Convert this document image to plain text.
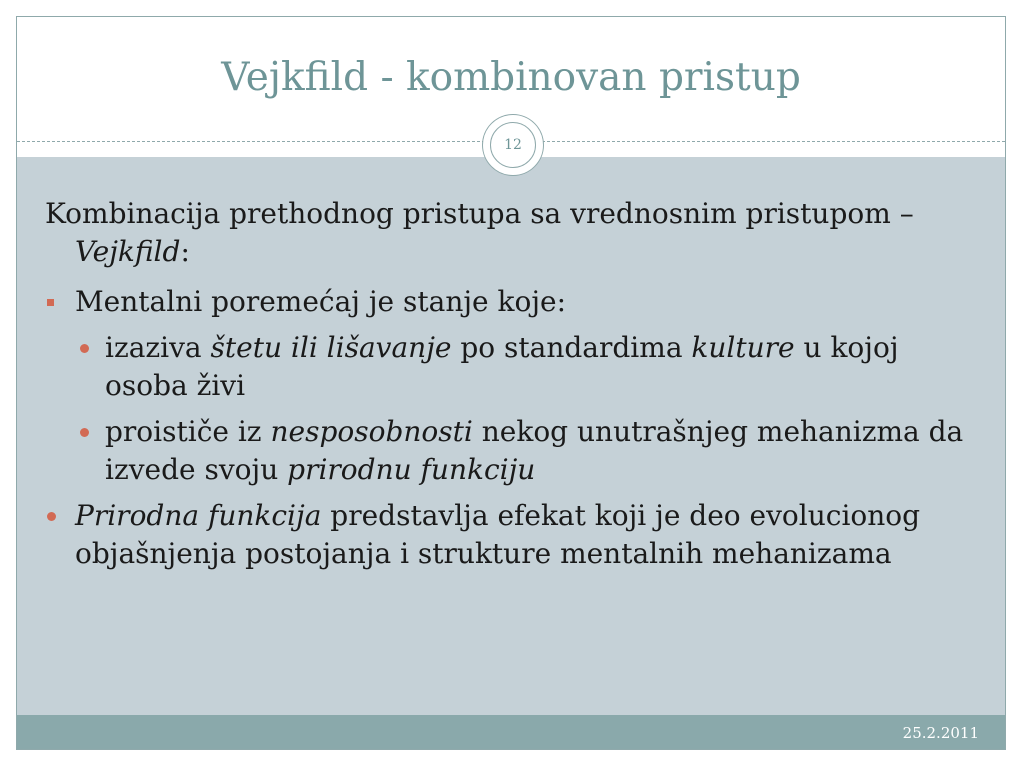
Vejkfild - kombinovan pristup
12

Kombinacija prethodnog pristupa sa vrednosnim pristupom – Vejkfild:

Mentalni poremećaj je stanje koje:

izaziva štetu ili lišavanje po standardima kulture u kojoj osoba živi

proističe iz nesposobnosti nekog unutrašnjeg mehanizma da izvede svoju prirodnu funkciju

Prirodna funkcija predstavlja efekat koji je deo evolucionog objašnjenja postojanja i strukture mentalnih mehanizama

25.2.2011
